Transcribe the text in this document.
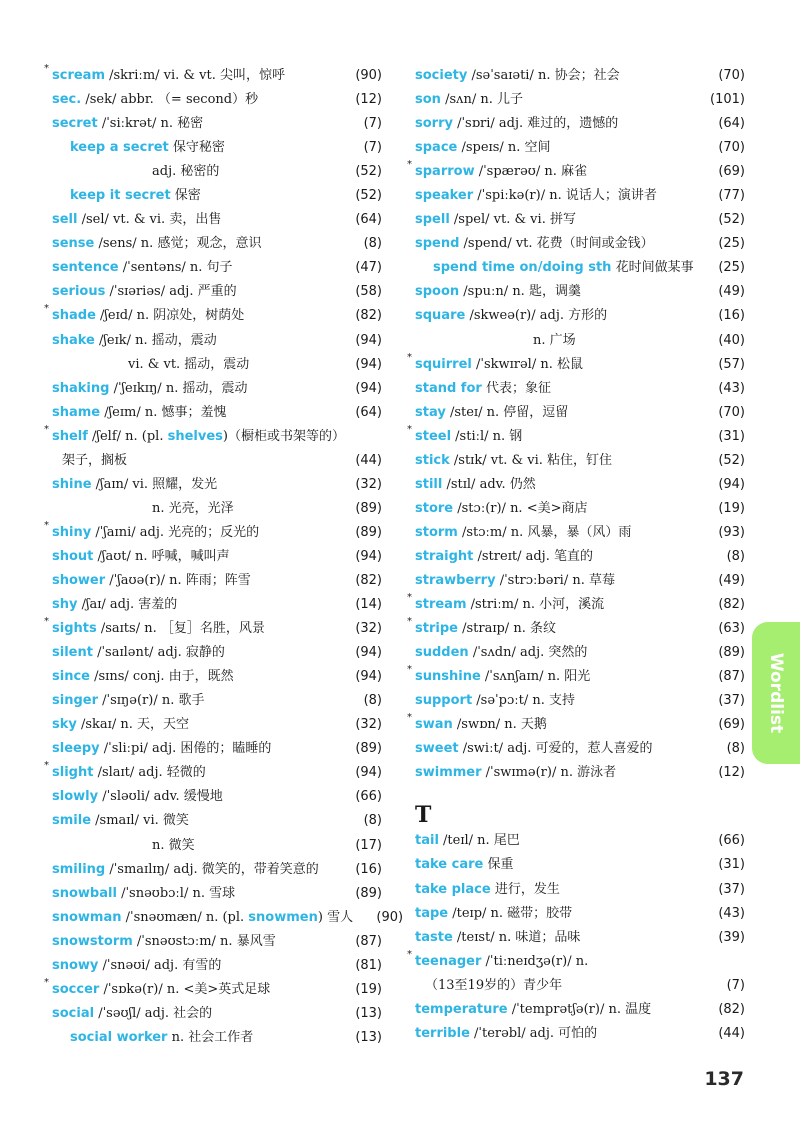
* scream /skriːm/ vi. & vt. 尖叫，惊呼	(90)
sec. /sek/ abbr. （= second）秒	(12)
secret /ˈsiːkrət/ n. 秘密	(7)
keep a secret 保守秘密	(7)
adj. 秘密的	(52)
keep it secret 保密	(52)
sell /sel/ vt. & vi. 卖，出售	(64)
sense /sens/ n. 感觉；观念，意识	(8)
sentence /ˈsentəns/ n. 句子	(47)
serious /ˈsɪəriəs/ adj. 严重的	(58)
* shade /ʃeɪd/ n. 阴凉处，树荫处	(82)
shake /ʃeɪk/ n. 摇动，震动	(94)
vi. & vt. 摇动，震动	(94)
shaking /ˈʃeɪkɪŋ/ n. 摇动，震动	(94)
shame /ʃeɪm/ n. 憾事；羞愧	(64)
* shelf /ʃelf/ n. (pl. shelves)（橱柜或书架等的）
架子，搁板	(44)
shine /ʃaɪn/ vi. 照耀，发光	(32)
n. 光亮，光泽	(89)
* shiny /ˈʃaɪni/ adj. 光亮的；反光的	(89)
shout /ʃaʊt/ n. 呼喊，喊叫声	(94)
shower /ˈʃaʊə(r)/ n. 阵雨；阵雪	(82)
shy /ʃaɪ/ adj. 害羞的	(14)
* sights /saɪts/ n. ［复］名胜，风景	(32)
silent /ˈsaɪlənt/ adj. 寂静的	(94)
since /sɪns/ conj. 由于，既然	(94)
singer /ˈsɪŋə(r)/ n. 歌手	(8)
sky /skaɪ/ n. 天，天空	(32)
sleepy /ˈsliːpi/ adj. 困倦的；瞌睡的	(89)
* slight /slaɪt/ adj. 轻微的	(94)
slowly /ˈsləʊli/ adv. 缓慢地	(66)
smile /smaɪl/ vi. 微笑	(8)
n. 微笑	(17)
smiling /ˈsmaɪlɪŋ/ adj. 微笑的，带着笑意的	(16)
snowball /ˈsnəʊbɔːl/ n. 雪球	(89)
snowman /ˈsnəʊmæn/ n. (pl. snowmen) 雪人	(90)
snowstorm /ˈsnəʊstɔːm/ n. 暴风雪	(87)
snowy /ˈsnəʊi/ adj. 有雪的	(81)
* soccer /ˈsɒkə(r)/ n. <美>英式足球	(19)
social /ˈsəʊʃl/ adj. 社会的	(13)
social worker n. 社会工作者	(13)
society /səˈsaɪəti/ n. 协会；社会	(70)
son /sʌn/ n. 儿子	(101)
sorry /ˈsɒri/ adj. 难过的，遗憾的	(64)
space /speɪs/ n. 空间	(70)
* sparrow /ˈspærəʊ/ n. 麻雀	(69)
speaker /ˈspiːkə(r)/ n. 说话人；演讲者	(77)
spell /spel/ vt. & vi. 拼写	(52)
spend /spend/ vt. 花费（时间或金钱）	(25)
spend time on/doing sth 花时间做某事	(25)
spoon /spuːn/ n. 匙，调羹	(49)
square /skweə(r)/ adj. 方形的	(16)
n. 广场	(40)
* squirrel /ˈskwɪrəl/ n. 松鼠	(57)
stand for 代表；象征	(43)
stay /steɪ/ n. 停留，逗留	(70)
* steel /stiːl/ n. 钢	(31)
stick /stɪk/ vt. & vi. 粘住，钉住	(52)
still /stɪl/ adv. 仍然	(94)
store /stɔː(r)/ n. <美>商店	(19)
storm /stɔːm/ n. 风暴，暴（风）雨	(93)
straight /streɪt/ adj. 笔直的	(8)
strawberry /ˈstrɔːbəri/ n. 草莓	(49)
* stream /striːm/ n. 小河，溪流	(82)
* stripe /straɪp/ n. 条纹	(63)
sudden /ˈsʌdn/ adj. 突然的	(89)
* sunshine /ˈsʌnʃaɪn/ n. 阳光	(87)
support /səˈpɔːt/ n. 支持	(37)
* swan /swɒn/ n. 天鹅	(69)
sweet /swiːt/ adj. 可爱的，惹人喜爱的	(8)
swimmer /ˈswɪmə(r)/ n. 游泳者	(12)
T
tail /teɪl/ n. 尾巴	(66)
take care 保重	(31)
take place 进行，发生	(37)
tape /teɪp/ n. 磁带；胶带	(43)
taste /teɪst/ n. 味道；品味	(39)
* teenager /ˈtiːneɪdʒə(r)/ n.
（13至19岁的）青少年	(7)
temperature /ˈtemprətʃə(r)/ n. 温度	(82)
terrible /ˈterəbl/ adj. 可怕的	(44)
Wordlist
137
